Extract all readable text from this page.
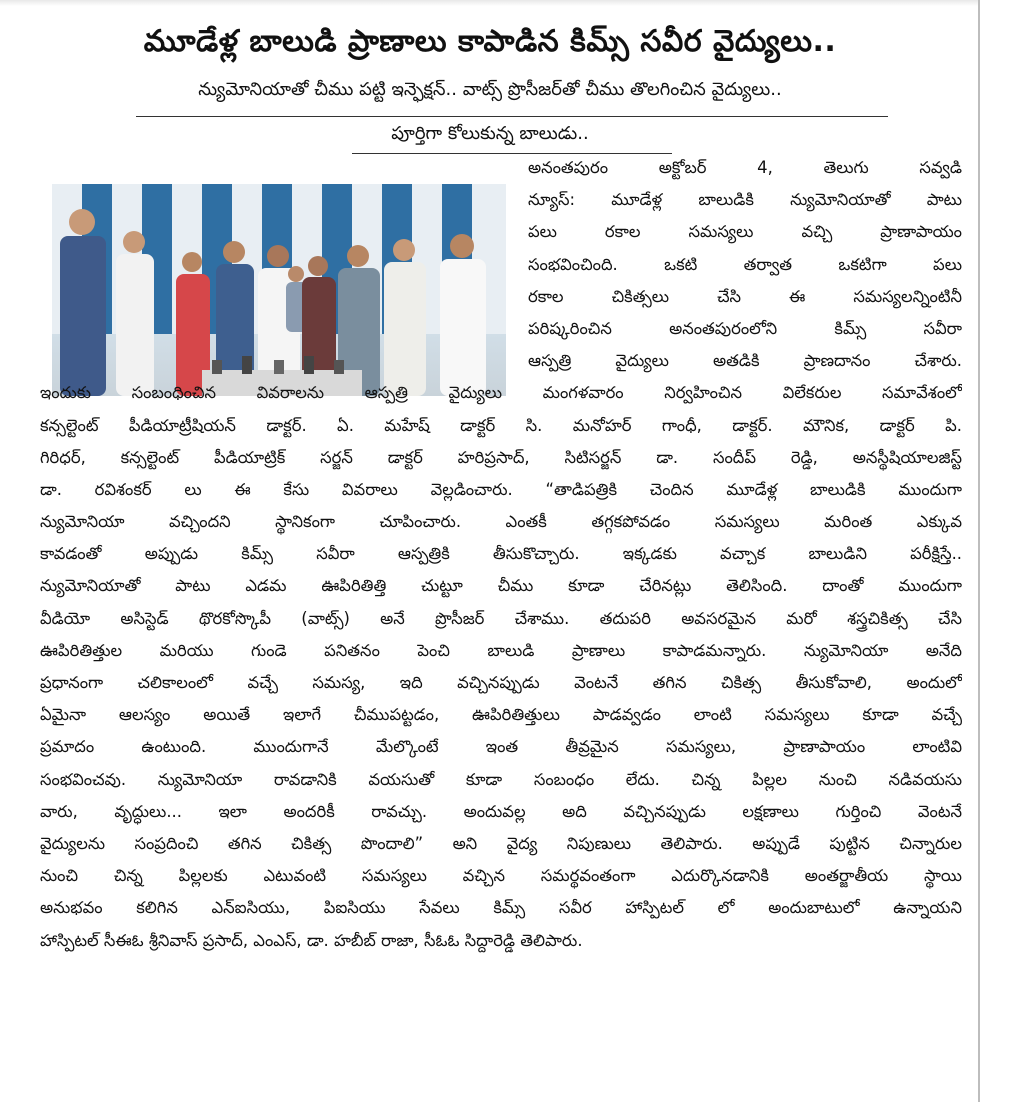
మూడేళ్ల బాలుడి ప్రాణాలు కాపాడిన కిమ్స్ సవీర వైద్యులు..
న్యుమోనియాతో చీము పట్టి ఇన్ఫెక్షన్.. వాట్స్ ప్రొసీజర్‌తో చీము తొలగించిన వైద్యులు..
పూర్తిగా కోలుకున్న బాలుడు..
అనంతపురం అక్టోబర్ 4, తెలుగు సవ్వడి
న్యూస్: మూడేళ్ల బాలుడికి న్యుమోనియాతో పాటు
పలు రకాల సమస్యలు వచ్చి ప్రాణాపాయం
సంభవించింది. ఒకటి తర్వాత ఒకటిగా పలు
రకాల చికిత్సలు చేసి ఈ సమస్యలన్నింటినీ
పరిష్కరించిన అనంతపురంలోని కిమ్స్ సవీరా
ఆస్పత్రి వైద్యులు అతడికి ప్రాణదానం చేశారు.
ఇందుకు సంబంధించిన వివరాలను ఆస్పత్రి వైద్యులు మంగళవారం నిర్వహించిన విలేకరుల సమావేశంలో
కన్సల్టెంట్ పీడియాట్రీషియన్ డాక్టర్. ఏ. మహేష్ డాక్టర్ సి. మనోహర్ గాంధీ, డాక్టర్. మౌనిక, డాక్టర్ పి.
గిరిధర్, కన్సల్టెంట్ పీడియాట్రిక్ సర్జన్ డాక్టర్ హరిప్రసాద్, సిటిసర్జన్ డా. సందీప్ రెడ్డి, అనస్థీషియాలజిస్ట్
డా. రవిశంకర్ లు ఈ కేసు వివరాలు వెల్లడించారు. “తాడిపత్రికి చెందిన మూడేళ్ల బాలుడికి ముందుగా
న్యుమోనియా వచ్చిందని స్థానికంగా చూపించారు. ఎంతకీ తగ్గకపోవడం సమస్యలు మరింత ఎక్కువ
కావడంతో అప్పుడు కిమ్స్ సవీరా ఆస్పత్రికి తీసుకొచ్చారు. ఇక్కడకు వచ్చాక బాలుడిని పరీక్షిస్తే..
న్యుమోనియాతో పాటు ఎడమ ఊపిరితిత్తి చుట్టూ చీము కూడా చేరినట్లు తెలిసింది. దాంతో ముందుగా
వీడియో అసిస్టెడ్ థొరకోస్కొపీ (వాట్స్) అనే ప్రొసీజర్ చేశాము. తదుపరి అవసరమైన మరో శస్త్రచికిత్స చేసి
ఊపిరితిత్తుల మరియు గుండె పనితనం పెంచి బాలుడి ప్రాణాలు కాపాడమన్నారు. న్యుమోనియా అనేది
ప్రధానంగా చలికాలంలో వచ్చే సమస్య, ఇది వచ్చినప్పుడు వెంటనే తగిన చికిత్స తీసుకోవాలి, అందులో
ఏమైనా ఆలస్యం అయితే ఇలాగే చీముపట్టడం, ఊపిరితిత్తులు పాడవ్వడం లాంటి సమస్యలు కూడా వచ్చే
ప్రమాదం ఉంటుంది. ముందుగానే మేల్కొంటే ఇంత తీవ్రమైన సమస్యలు, ప్రాణాపాయం లాంటివి
సంభవించవు. న్యుమోనియా రావడానికి వయసుతో కూడా సంబంధం లేదు. చిన్న పిల్లల నుంచి నడివయసు
వారు, వృద్ధులు... ఇలా అందరికీ రావచ్చు. అందువల్ల అది వచ్చినప్పుడు లక్షణాలు గుర్తించి వెంటనే
వైద్యులను సంప్రదించి తగిన చికిత్స పొందాలి” అని వైద్య నిపుణులు తెలిపారు. అప్పుడే పుట్టిన చిన్నారుల
నుంచి చిన్న పిల్లలకు ఎటువంటి సమస్యలు వచ్చిన సమర్థవంతంగా ఎదుర్కొనడానికి అంతర్జాతీయ స్థాయి
అనుభవం కలిగిన ఎన్ఐసియు, పిఐసియు సేవలు కిమ్స్ సవీర హాస్పిటల్ లో అందుబాటులో ఉన్నాయని
హాస్పిటల్ సీఈఓ శ్రీనివాస్ ప్రసాద్, ఎంఎస్, డా. హబీబ్ రాజా, సీఓఓ సిద్దారెడ్డి తెలిపారు.
